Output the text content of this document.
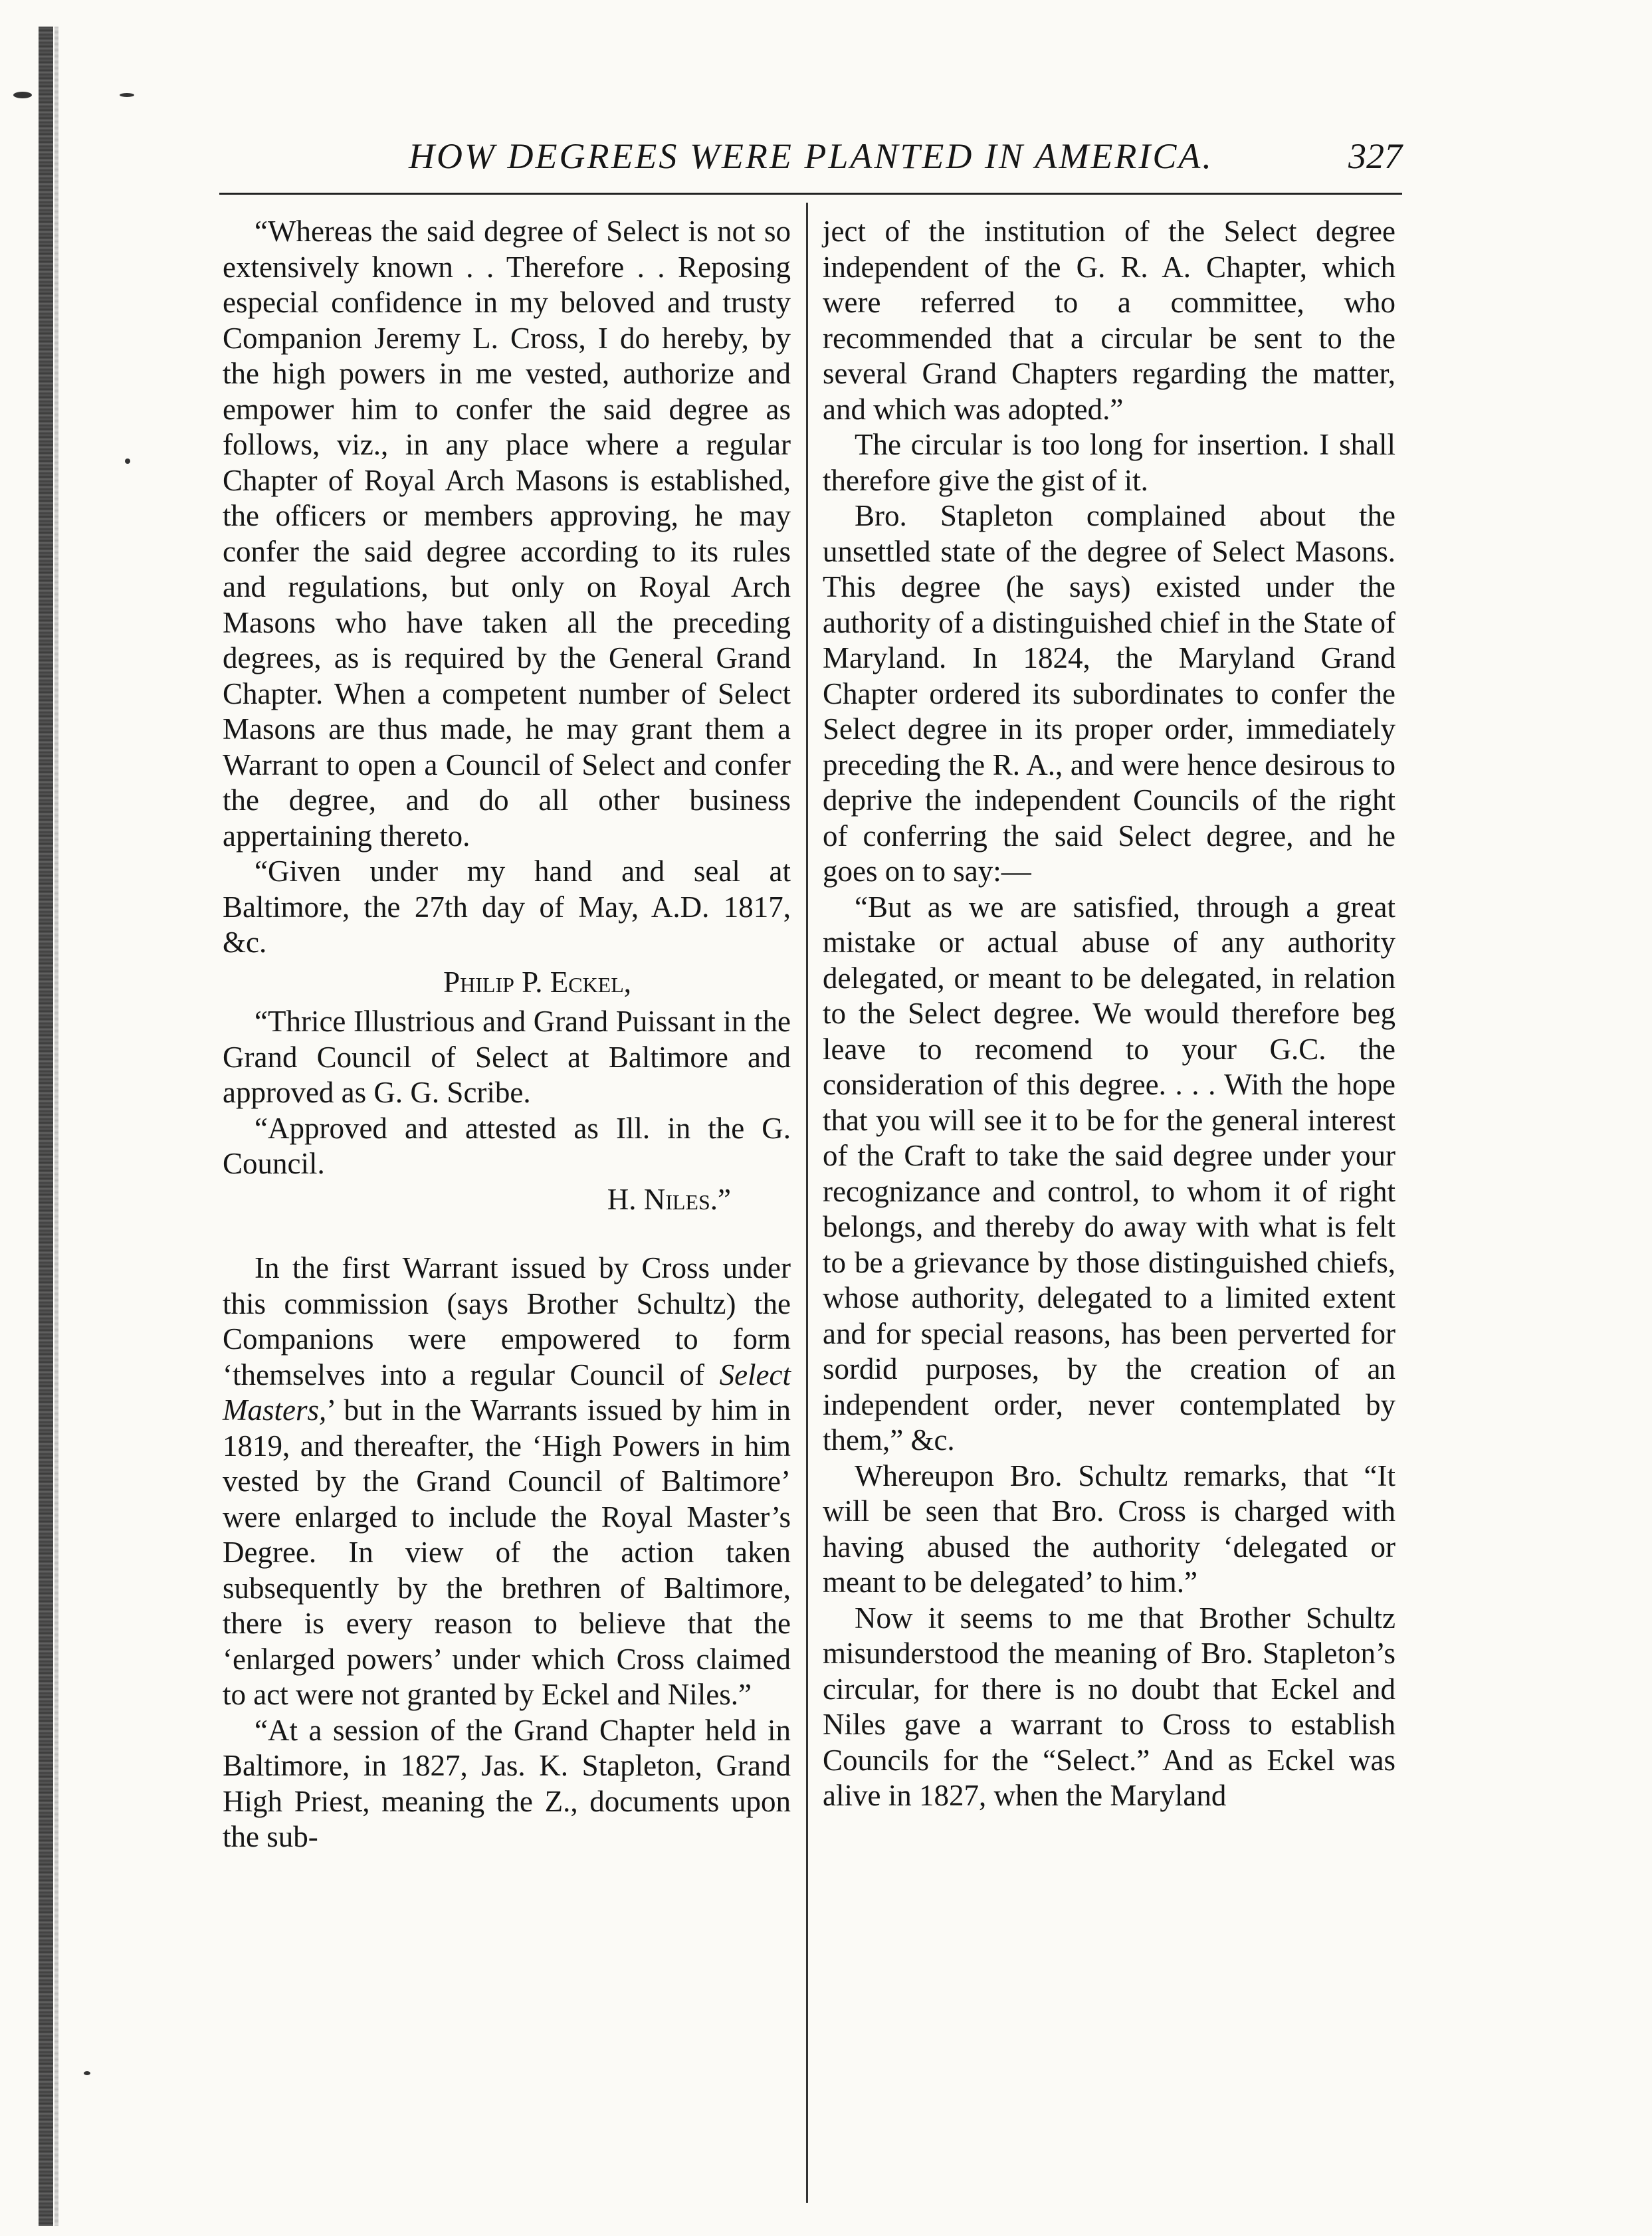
HOW DEGREES WERE PLANTED IN AMERICA.	327

“Whereas the said degree of Select is not so extensively known . . Therefore . . Reposing especial confidence in my beloved and trusty Companion Jeremy L. Cross, I do hereby, by the high powers in me vested, authorize and empower him to confer the said degree as follows, viz., in any place where a regular Chapter of Royal Arch Masons is established, the officers or members approving, he may confer the said degree according to its rules and regulations, but only on Royal Arch Masons who have taken all the preceding degrees, as is required by the General Grand Chapter. When a competent number of Select Masons are thus made, he may grant them a Warrant to open a Council of Select and confer the degree, and do all other business appertaining thereto.

“Given under my hand and seal at Baltimore, the 27th day of May, A.D. 1817, &c.

Philip P. Eckel,

“Thrice Illustrious and Grand Puissant in the Grand Council of Select at Baltimore and approved as G. G. Scribe.

“Approved and attested as Ill. in the G. Council.

H. Niles.”

In the first Warrant issued by Cross under this commission (says Brother Schultz) the Companions were empowered to form ‘themselves into a regular Council of Select Masters,’ but in the Warrants issued by him in 1819, and thereafter, the ‘High Powers in him vested by the Grand Council of Baltimore’ were enlarged to include the Royal Master’s Degree. In view of the action taken subsequently by the brethren of Baltimore, there is every reason to believe that the ‘enlarged powers’ under which Cross claimed to act were not granted by Eckel and Niles.”

“At a session of the Grand Chapter held in Baltimore, in 1827, Jas. K. Stapleton, Grand High Priest, meaning the Z., documents upon the sub-

ject of the institution of the Select degree independent of the G. R. A. Chapter, which were referred to a committee, who recommended that a circular be sent to the several Grand Chapters regarding the matter, and which was adopted.”

The circular is too long for insertion. I shall therefore give the gist of it.

Bro. Stapleton complained about the unsettled state of the degree of Select Masons. This degree (he says) existed under the authority of a distinguished chief in the State of Maryland. In 1824, the Maryland Grand Chapter ordered its subordinates to confer the Select degree in its proper order, immediately preceding the R. A., and were hence desirous to deprive the independent Councils of the right of conferring the said Select degree, and he goes on to say:—

“But as we are satisfied, through a great mistake or actual abuse of any authority delegated, or meant to be delegated, in relation to the Select degree. We would therefore beg leave to recomend to your G.C. the consideration of this degree. . . . With the hope that you will see it to be for the general interest of the Craft to take the said degree under your recognizance and control, to whom it of right belongs, and thereby do away with what is felt to be a grievance by those distinguished chiefs, whose authority, delegated to a limited extent and for special reasons, has been perverted for sordid purposes, by the creation of an independent order, never contemplated by them,” &c.

Whereupon Bro. Schultz remarks, that “It will be seen that Bro. Cross is charged with having abused the authority ‘delegated or meant to be delegated’ to him.”

Now it seems to me that Brother Schultz misunderstood the meaning of Bro. Stapleton’s circular, for there is no doubt that Eckel and Niles gave a warrant to Cross to establish Councils for the “Select.” And as Eckel was alive in 1827, when the Maryland
